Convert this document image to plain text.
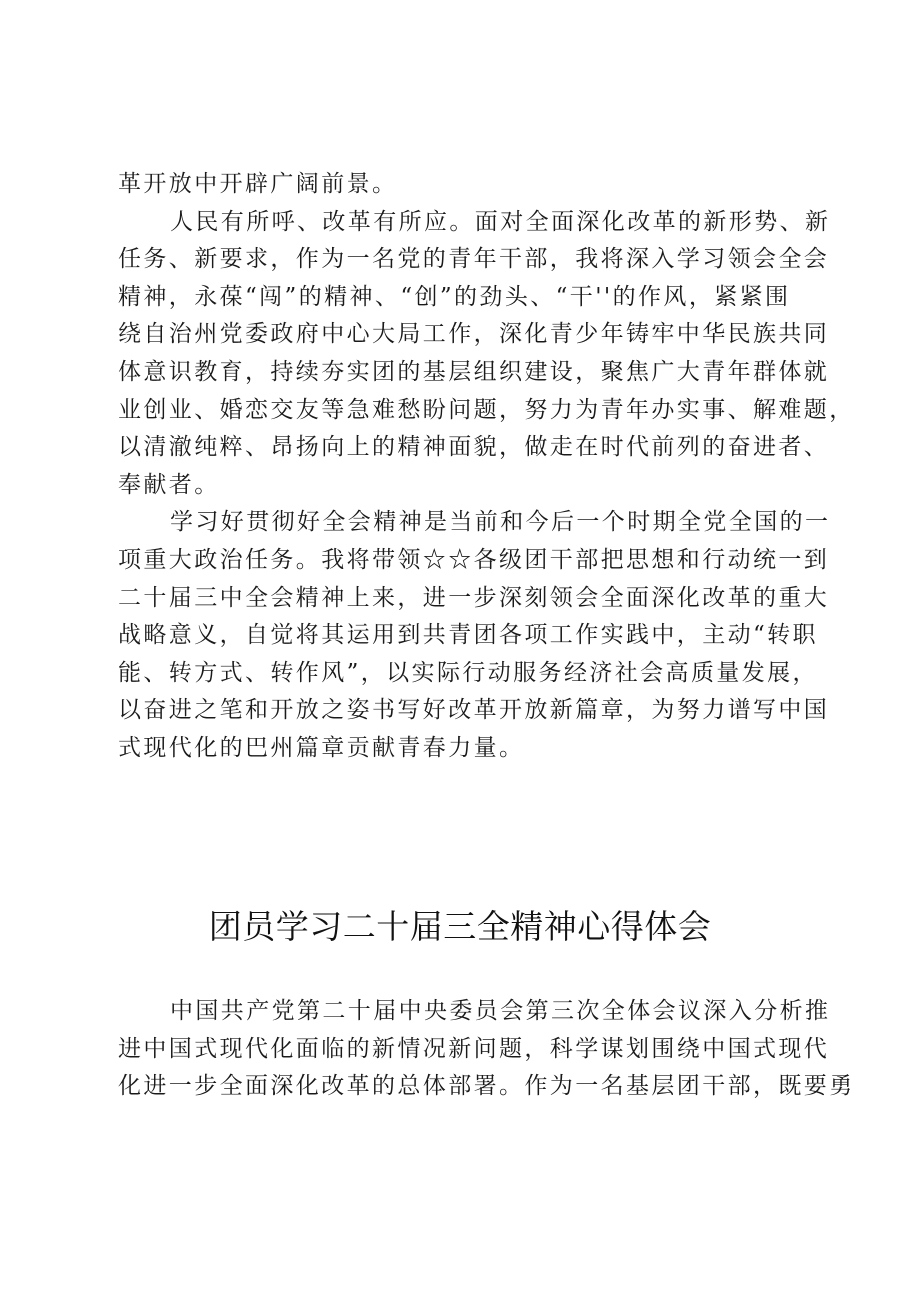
革开放中开辟广阔前景。
人民有所呼、改革有所应。面对全面深化改革的新形势、新
任务、新要求，作为一名党的青年干部，我将深入学习领会全会
精神，永葆“闯”的精神、“创”的劲头、“干''的作风，紧紧围
绕自治州党委政府中心大局工作，深化青少年铸牢中华民族共同
体意识教育，持续夯实团的基层组织建设，聚焦广大青年群体就
业创业、婚恋交友等急难愁盼问题，努力为青年办实事、解难题，
以清澈纯粹、昂扬向上的精神面貌，做走在时代前列的奋进者、
奉献者。
学习好贯彻好全会精神是当前和今后一个时期全党全国的一
项重大政治任务。我将带领☆☆各级团干部把思想和行动统一到
二十届三中全会精神上来，进一步深刻领会全面深化改革的重大
战略意义，自觉将其运用到共青团各项工作实践中，主动“转职
能、转方式、转作风”，以实际行动服务经济社会高质量发展，
以奋进之笔和开放之姿书写好改革开放新篇章，为努力谱写中国
式现代化的巴州篇章贡献青春力量。
团员学习二十届三全精神心得体会
中国共产党第二十届中央委员会第三次全体会议深入分析推
进中国式现代化面临的新情况新问题，科学谋划围绕中国式现代
化进一步全面深化改革的总体部署。作为一名基层团干部，既要勇
